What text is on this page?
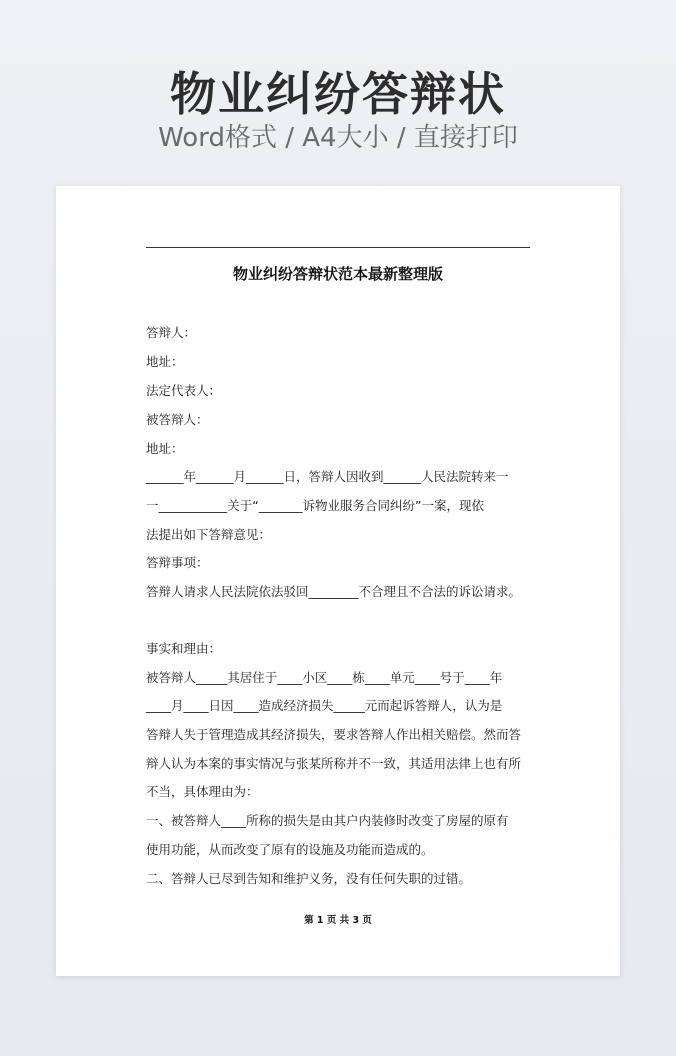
物业纠纷答辩状
Word格式 / A4大小 / 直接打印
物业纠纷答辩状范本最新整理版
答辩人：
地址：
法定代表人：
被答辩人：
地址：
______年______月______日，答辩人因收到______人民法院转来一
一___________关于“_______诉物业服务合同纠纷”一案，现依
法提出如下答辩意见：
答辩事项：
答辩人请求人民法院依法驳回________不合理且不合法的诉讼请求。
事实和理由：
被答辩人_____其居住于____小区____栋____单元____号于____年
____月____日因____造成经济损失_____元而起诉答辩人，认为是
答辩人失于管理造成其经济损失，要求答辩人作出相关赔偿。然而答
辩人认为本案的事实情况与张某所称并不一致，其适用法律上也有所
不当，具体理由为：
一、被答辩人____所称的损失是由其户内装修时改变了房屋的原有
使用功能，从而改变了原有的设施及功能而造成的。
二、答辩人已尽到告知和维护义务，没有任何失职的过错。
第 1 页 共 3 页
